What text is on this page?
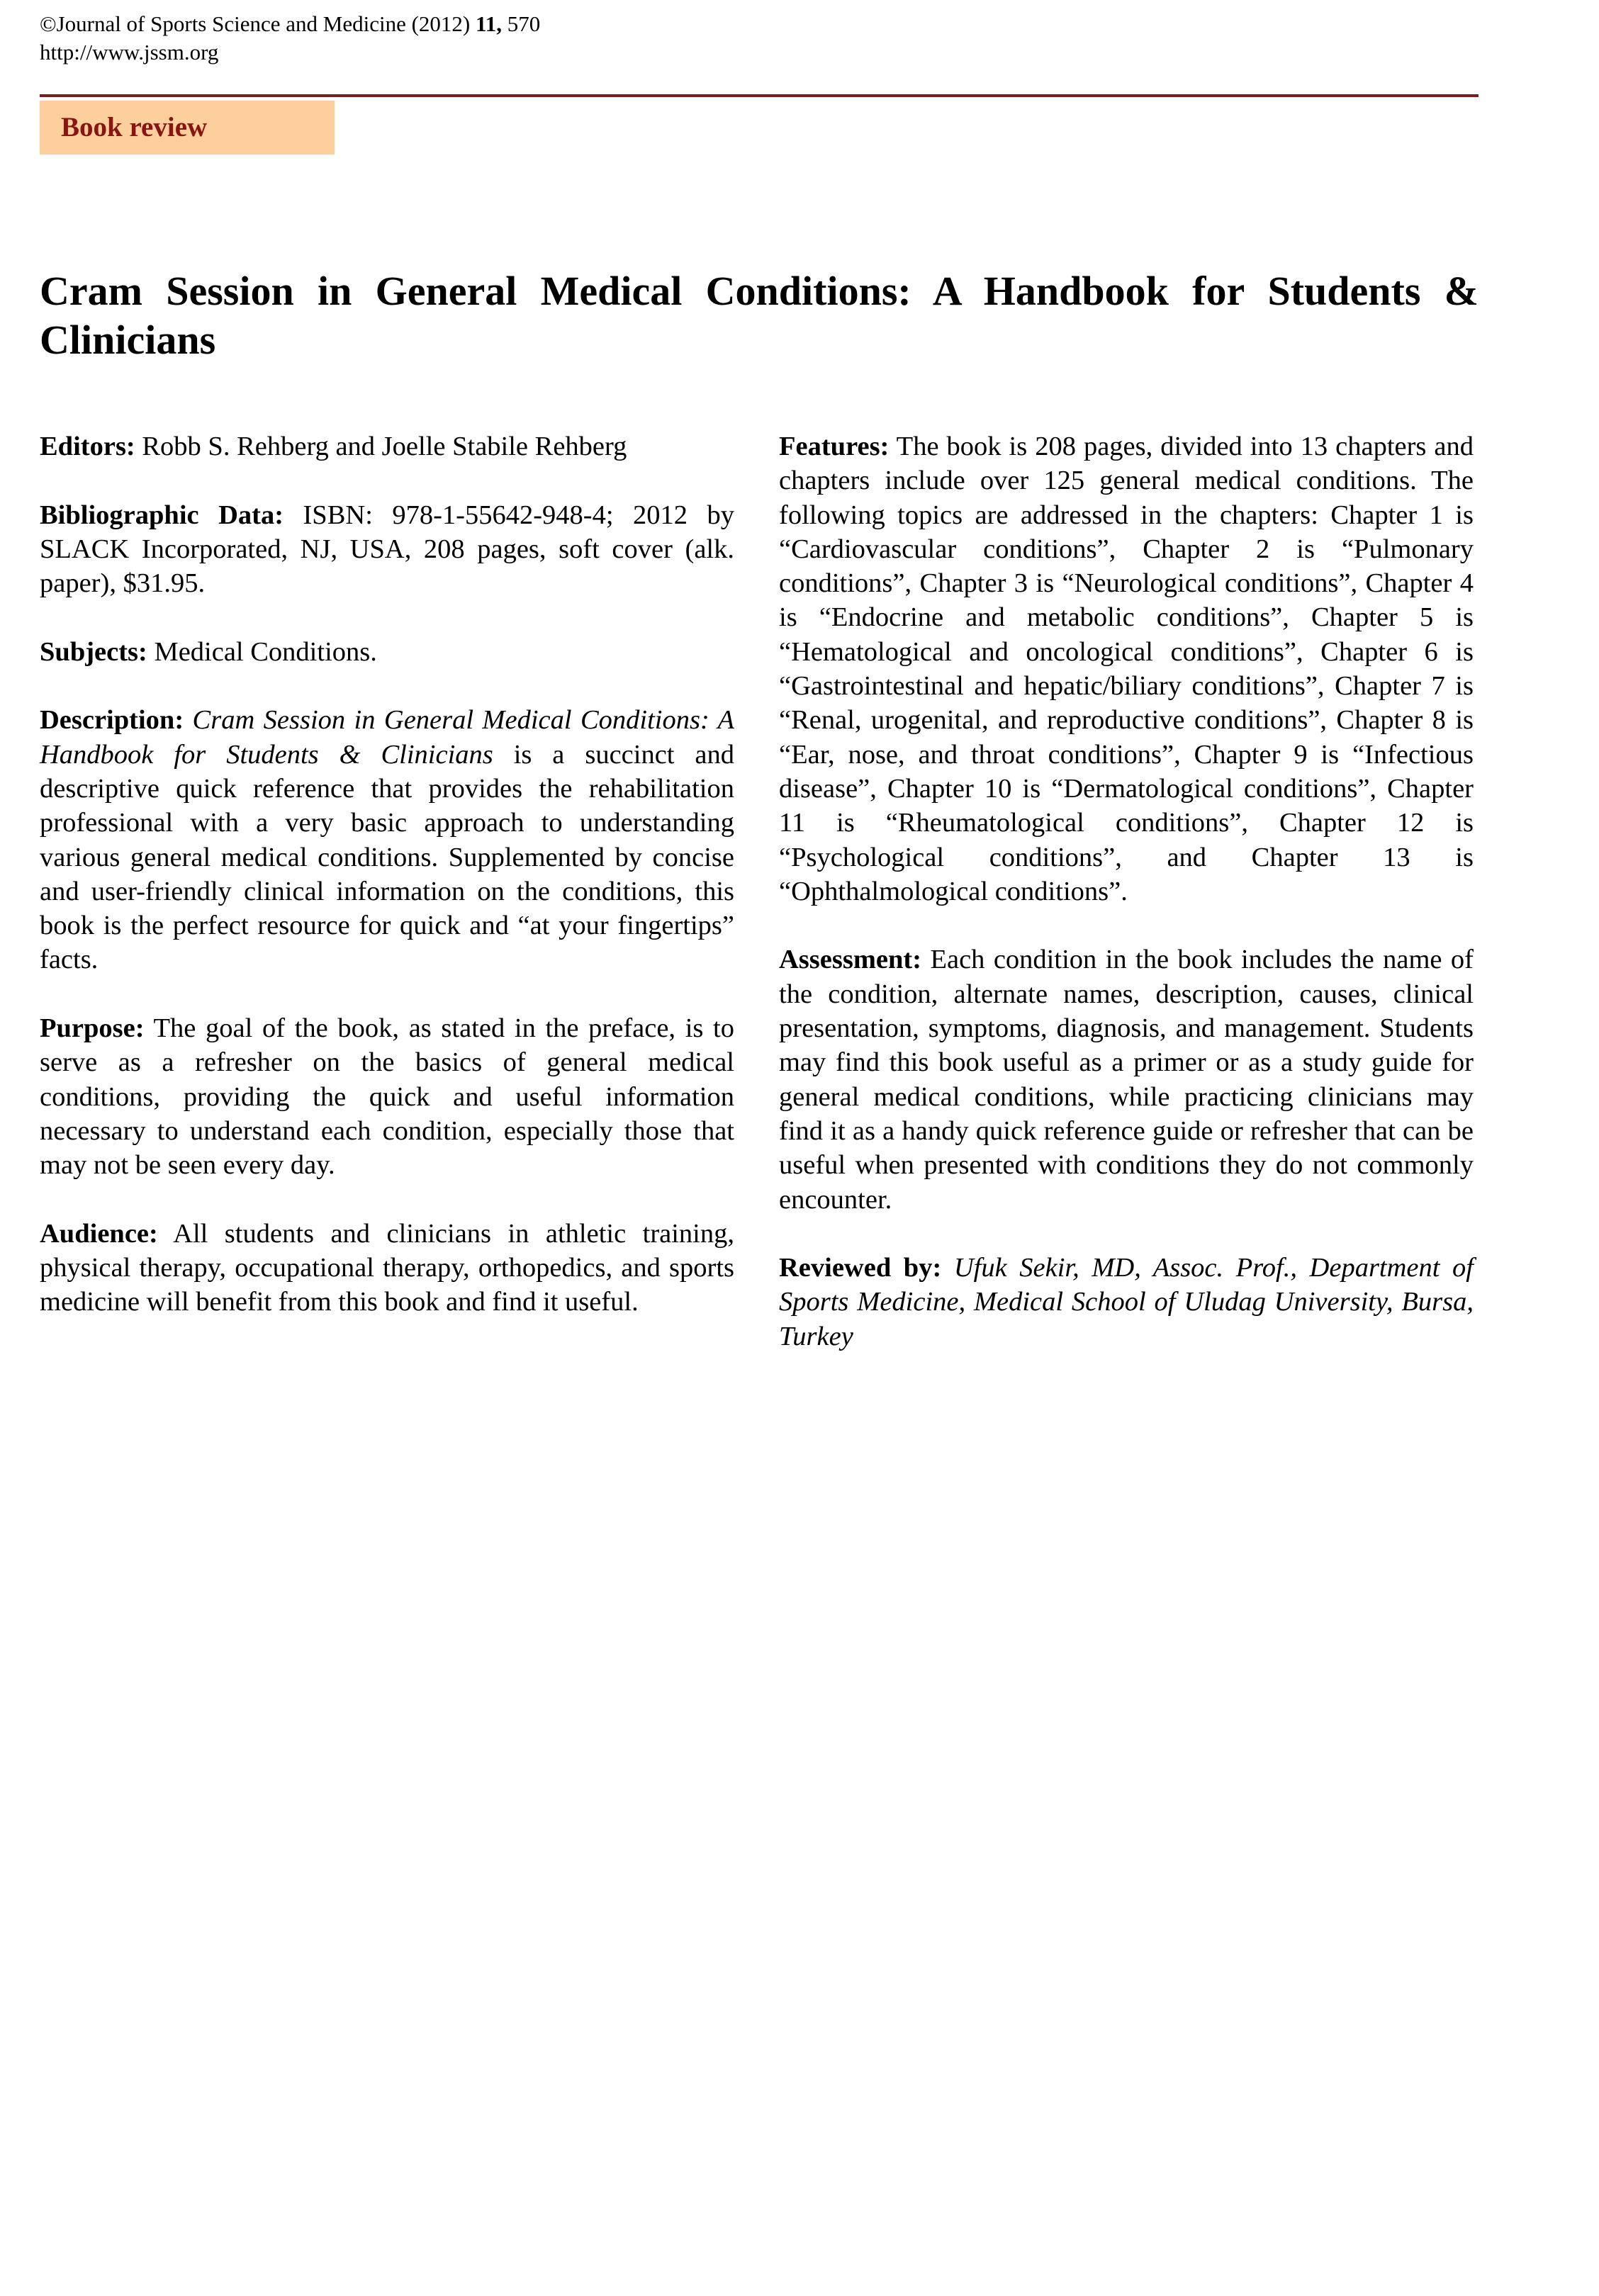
©Journal of Sports Science and Medicine (2012) 11, 570
http://www.jssm.org
Book review
Cram Session in General Medical Conditions: A Handbook for Students & Clinicians

Editors: Robb S. Rehberg and Joelle Stabile Rehberg

Bibliographic Data: ISBN: 978-1-55642-948-4; 2012 by SLACK Incorporated, NJ, USA, 208 pages, soft cover (alk. paper), $31.95.

Subjects: Medical Conditions.

Description: Cram Session in General Medical Conditions: A Handbook for Students & Clinicians is a succinct and descriptive quick reference that provides the rehabilitation professional with a very basic approach to understanding various general medical conditions. Supplemented by concise and user-friendly clinical information on the conditions, this book is the perfect resource for quick and “at your fingertips” facts.

Purpose: The goal of the book, as stated in the preface, is to serve as a refresher on the basics of general medical conditions, providing the quick and useful information necessary to understand each condition, especially those that may not be seen every day.

Audience: All students and clinicians in athletic training, physical therapy, occupational therapy, orthopedics, and sports medicine will benefit from this book and find it useful.

Features: The book is 208 pages, divided into 13 chapters and chapters include over 125 general medical conditions. The following topics are addressed in the chapters: Chapter 1 is “Cardiovascular conditions”, Chapter 2 is “Pulmonary conditions”, Chapter 3 is “Neurological conditions”, Chapter 4 is “Endocrine and metabolic conditions”, Chapter 5 is “Hematological and oncological conditions”, Chapter 6 is “Gastrointestinal and hepatic/biliary conditions”, Chapter 7 is “Renal, urogenital, and reproductive conditions”, Chapter 8 is “Ear, nose, and throat conditions”, Chapter 9 is “Infectious disease”, Chapter 10 is “Dermatological conditions”, Chapter 11 is “Rheumatological conditions”, Chapter 12 is “Psychological conditions”, and Chapter 13 is “Ophthalmological conditions”.

Assessment: Each condition in the book includes the name of the condition, alternate names, description, causes, clinical presentation, symptoms, diagnosis, and management. Students may find this book useful as a primer or as a study guide for general medical conditions, while practicing clinicians may find it as a handy quick reference guide or refresher that can be useful when presented with conditions they do not commonly encounter.

Reviewed by: Ufuk Sekir, MD, Assoc. Prof., Department of Sports Medicine, Medical School of Uludag University, Bursa, Turkey
